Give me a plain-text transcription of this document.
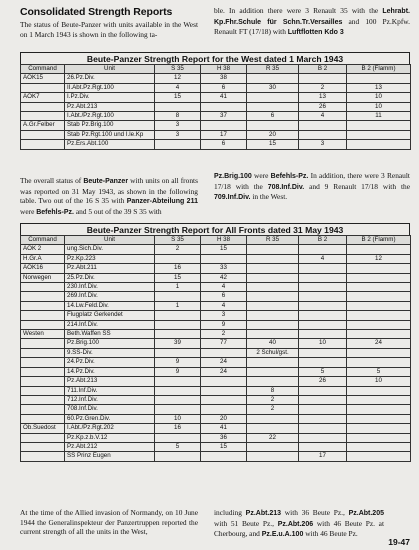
Consolidated Strength Reports

The status of Beute-Panzer with units available in the West on 1 March 1943 is shown in the following ta-

ble. In addition there were 3 Renault 35 with the Lehrabt. Kp.Fhr.Schule für Schn.Tr.Versailles and 100 Pz.Kpfw. Renault FT (17/18) with Luftflotten Kdo 3

Beute-Panzer Strength Report for the West dated 1 March 1943
Command	Unit	S 35	H 38	R 35	B 2	B 2 (Flamm)
AOK15	26.Pz.Div.	12	38			
	II.Abt.Pz.Rgt.100	4	6	30	2	13
AOK7	I.Pz.Div.	15	41		13	10
	Pz.Abt.213				26	10
	I.Abt./Pz.Rgt.100	8	37	6	4	11
A.Gr.Felber	Stab Pz.Brig.100	3				
	Stab Pz.Rgt.100 und I.le.Kp	3	17	20		
	Pz.Ers.Abt.100		6	15	3	

The overall status of Beute-Panzer with units on all fronts was reported on 31 May 1943, as shown in the following table. Two out of the 16 S 35 with Panzer-Abteilung 211 were Befehls-Pz. and 5 out of the 39 S 35 with

Pz.Brig.100 were Befehls-Pz. In addition, there were 3 Renault 17/18 with the 708.Inf.Div. and 9 Renault 17/18 with the 709.Inf.Div. in the West.

Beute-Panzer Strength Report for All Fronts dated 31 May 1943
Command	Unit	S 35	H 38	R 35	B 2	B 2 (Flamm)
AOK 2	ung.Sich.Div.	2	15			
H.Gr.A	Pz.Kp.223				4	12
AOK16	Pz.Abt.211	16	33			
Norwegen	25.Pz.Div.	15	42			
	230.Inf.Div.	1	4			
	269.Inf.Div.		6			
	14.Lw.Feld.Div.	1	4			
	Flugplatz Gerkendet		3			
	214.Inf.Div.		9			
Westen	Beth.Waffen SS		2			
	Pz.Brig.100	39	77	40	10	24
	9.SS-Div.			2 Schul/gst.		
	24.Pz.Div.	9	24			
	14.Pz.Div.	9	24		5	5
	Pz.Abt.213				26	10
	711.Inf.Div.			8		
	712.Inf.Div.			2		
	708.Inf.Div.			2		
	60.Pz.Gren.Div.	10	20			
Ob.Suedost	I.Abt./Pz.Rgt.202	16	41			
	Pz.Kp.z.b.V.12		36	22		
	Pz.Abt.212	5	15			
	SS Prinz Eugen				17	

At the time of the Allied invasion of Normandy, on 10 June 1944 the Generalinspekteur der Panzertruppen reported the current strength of all the units in the West,

including Pz.Abt.213 with 36 Beute Pz., Pz.Abt.205 with 51 Beute Pz., Pz.Abt.206 with 46 Beute Pz. at Cherbourg, and Pz.E.u.A.100 with 46 Beute Pz.

19-47
